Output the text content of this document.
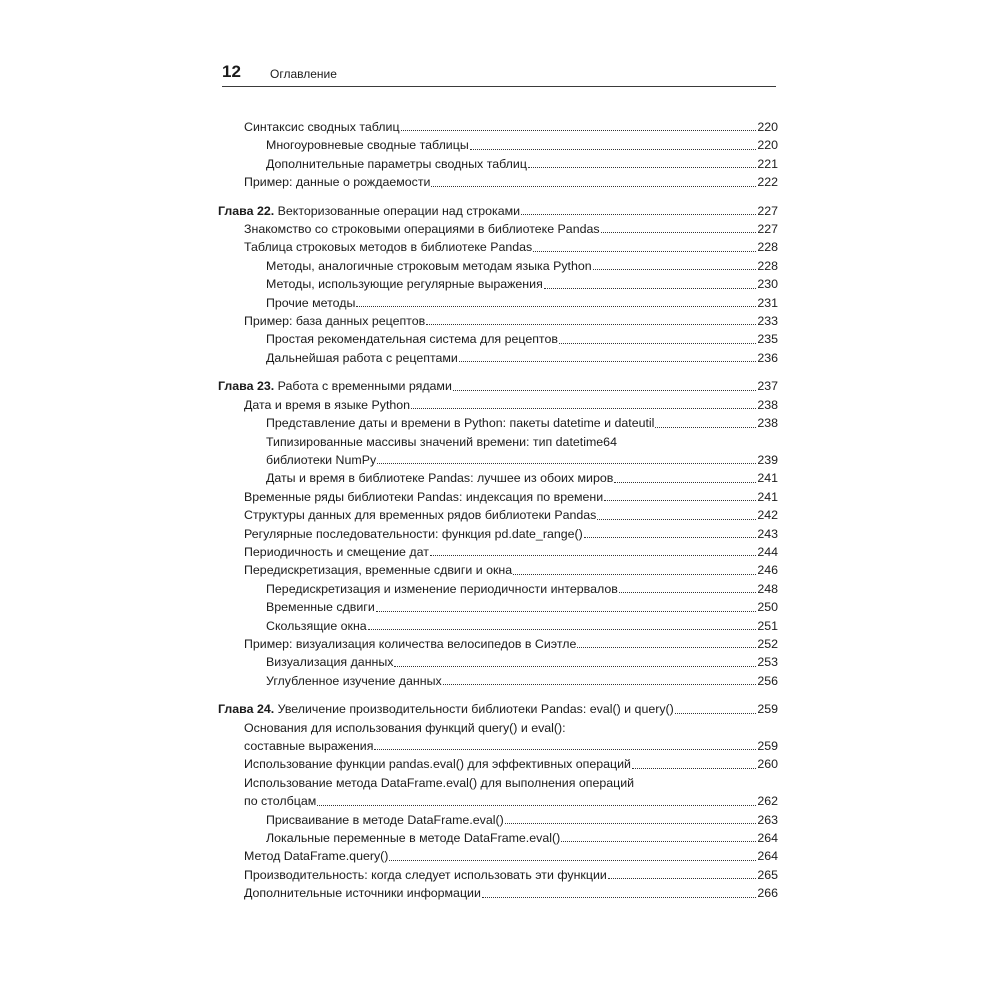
12 Оглавление
Синтаксис сводных таблиц	220
Многоуровневые сводные таблицы	220
Дополнительные параметры сводных таблиц	221
Пример: данные о рождаемости	222
Глава 22. Векторизованные операции над строками	227
Знакомство со строковыми операциями в библиотеке Pandas	227
Таблица строковых методов в библиотеке Pandas	228
Методы, аналогичные строковым методам языка Python	228
Методы, использующие регулярные выражения	230
Прочие методы	231
Пример: база данных рецептов	233
Простая рекомендательная система для рецептов	235
Дальнейшая работа с рецептами	236
Глава 23. Работа с временными рядами	237
Дата и время в языке Python	238
Представление даты и времени в Python: пакеты datetime и dateutil	238
Типизированные массивы значений времени: тип datetime64
библиотеки NumPy	239
Даты и время в библиотеке Pandas: лучшее из обоих миров	241
Временные ряды библиотеки Pandas: индексация по времени	241
Структуры данных для временных рядов библиотеки Pandas	242
Регулярные последовательности: функция pd.date_range()	243
Периодичность и смещение дат	244
Передискретизация, временные сдвиги и окна	246
Передискретизация и изменение периодичности интервалов	248
Временные сдвиги	250
Скользящие окна	251
Пример: визуализация количества велосипедов в Сиэтле	252
Визуализация данных	253
Углубленное изучение данных	256
Глава 24. Увеличение производительности библиотеки Pandas: eval() и query()	259
Основания для использования функций query() и eval():
составные выражения	259
Использование функции pandas.eval() для эффективных операций	260
Использование метода DataFrame.eval() для выполнения операций
по столбцам	262
Присваивание в методе DataFrame.eval()	263
Локальные переменные в методе DataFrame.eval()	264
Метод DataFrame.query()	264
Производительность: когда следует использовать эти функции	265
Дополнительные источники информации	266
